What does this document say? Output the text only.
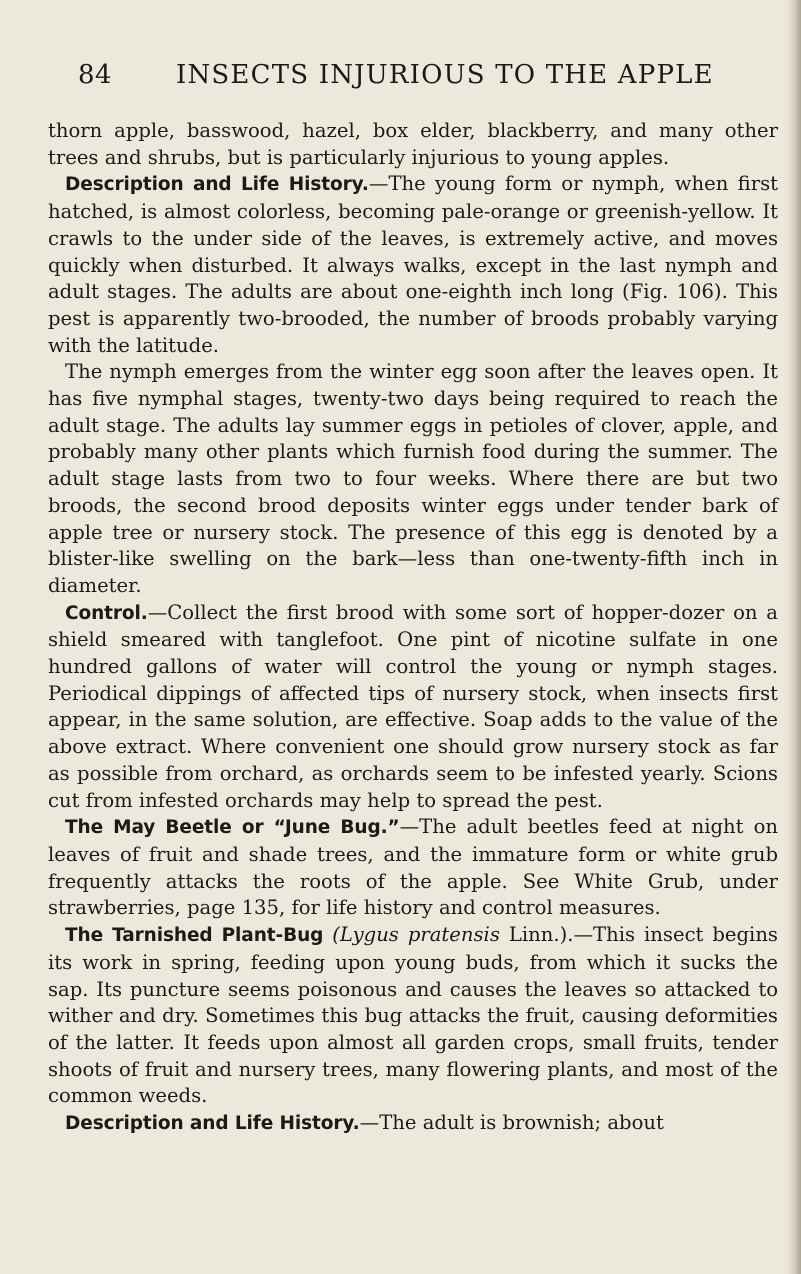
84 INSECTS INJURIOUS TO THE APPLE

thorn apple, basswood, hazel, box elder, blackberry, and many other trees and shrubs, but is particularly injurious to young apples.

Description and Life History.—The young form or nymph, when first hatched, is almost colorless, becoming pale-orange or greenish-yellow. It crawls to the under side of the leaves, is extremely active, and moves quickly when disturbed. It always walks, except in the last nymph and adult stages. The adults are about one-eighth inch long (Fig. 106). This pest is apparently two-brooded, the number of broods probably varying with the latitude.

The nymph emerges from the winter egg soon after the leaves open. It has five nymphal stages, twenty-two days being required to reach the adult stage. The adults lay summer eggs in petioles of clover, apple, and probably many other plants which furnish food during the summer. The adult stage lasts from two to four weeks. Where there are but two broods, the second brood deposits winter eggs under tender bark of apple tree or nursery stock. The presence of this egg is denoted by a blister-like swelling on the bark—less than one-twenty-fifth inch in diameter.

Control.—Collect the first brood with some sort of hopper-dozer on a shield smeared with tanglefoot. One pint of nicotine sulfate in one hundred gallons of water will control the young or nymph stages. Periodical dippings of affected tips of nursery stock, when insects first appear, in the same solution, are effective. Soap adds to the value of the above extract. Where convenient one should grow nursery stock as far as possible from orchard, as orchards seem to be infested yearly. Scions cut from infested orchards may help to spread the pest.

The May Beetle or “June Bug.”—The adult beetles feed at night on leaves of fruit and shade trees, and the immature form or white grub frequently attacks the roots of the apple. See White Grub, under strawberries, page 135, for life history and control measures.

The Tarnished Plant-Bug (Lygus pratensis Linn.).—This insect begins its work in spring, feeding upon young buds, from which it sucks the sap. Its puncture seems poisonous and causes the leaves so attacked to wither and dry. Sometimes this bug attacks the fruit, causing deformities of the latter. It feeds upon almost all garden crops, small fruits, tender shoots of fruit and nursery trees, many flowering plants, and most of the common weeds.

Description and Life History.—The adult is brownish; about
